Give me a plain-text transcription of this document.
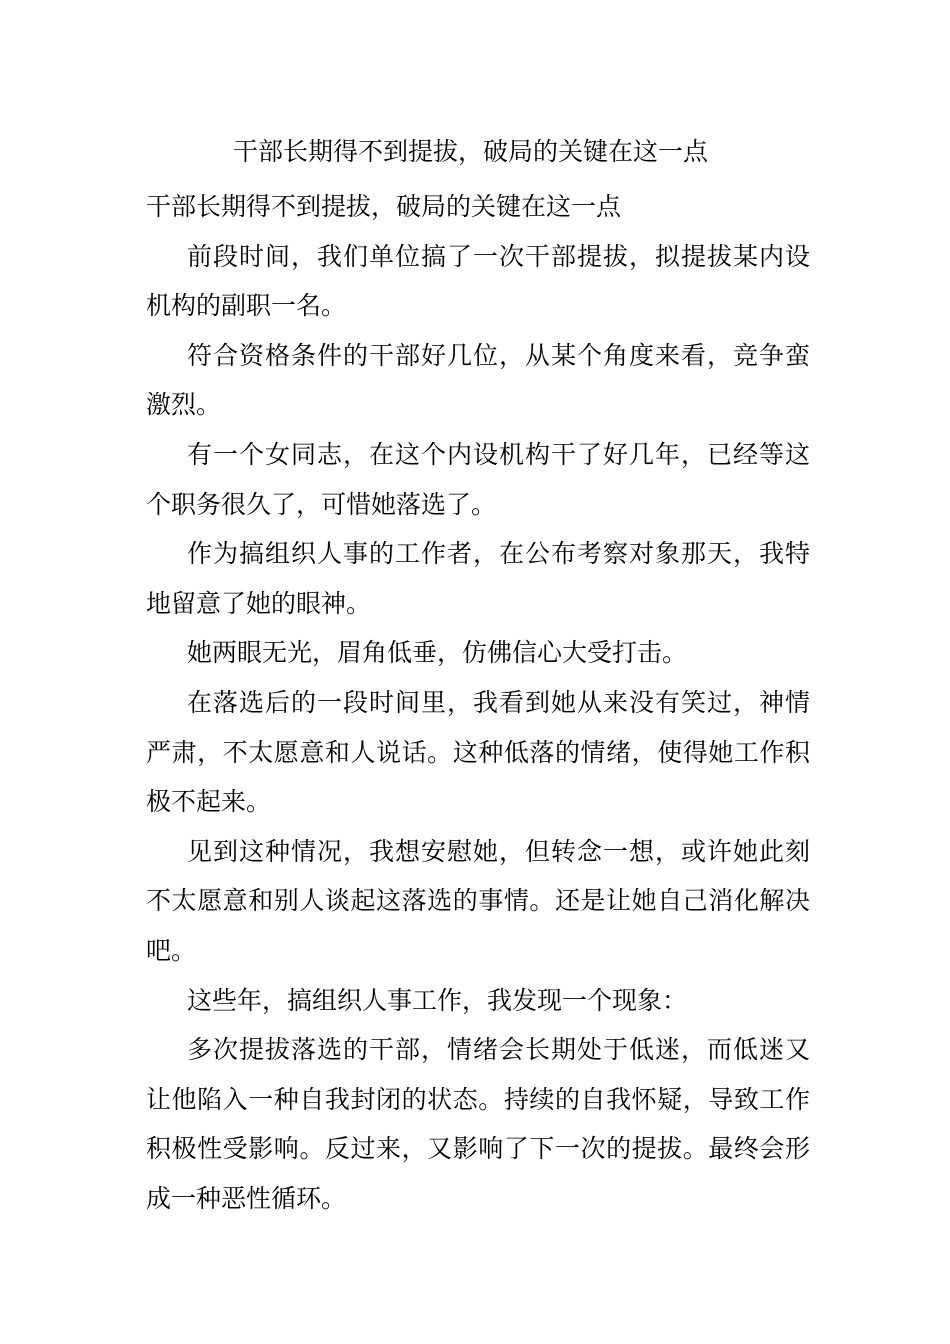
干部长期得不到提拔，破局的关键在这一点

干部长期得不到提拔，破局的关键在这一点

前段时间，我们单位搞了一次干部提拔，拟提拔某内设机构的副职一名。

符合资格条件的干部好几位，从某个角度来看，竞争蛮激烈。

有一个女同志，在这个内设机构干了好几年，已经等这个职务很久了，可惜她落选了。

作为搞组织人事的工作者，在公布考察对象那天，我特地留意了她的眼神。

她两眼无光，眉角低垂，仿佛信心大受打击。

在落选后的一段时间里，我看到她从来没有笑过，神情严肃，不太愿意和人说话。这种低落的情绪，使得她工作积极不起来。

见到这种情况，我想安慰她，但转念一想，或许她此刻不太愿意和别人谈起这落选的事情。还是让她自己消化解决吧。

这些年，搞组织人事工作，我发现一个现象：

多次提拔落选的干部，情绪会长期处于低迷，而低迷又让他陷入一种自我封闭的状态。持续的自我怀疑，导致工作积极性受影响。反过来，又影响了下一次的提拔。最终会形成一种恶性循环。
